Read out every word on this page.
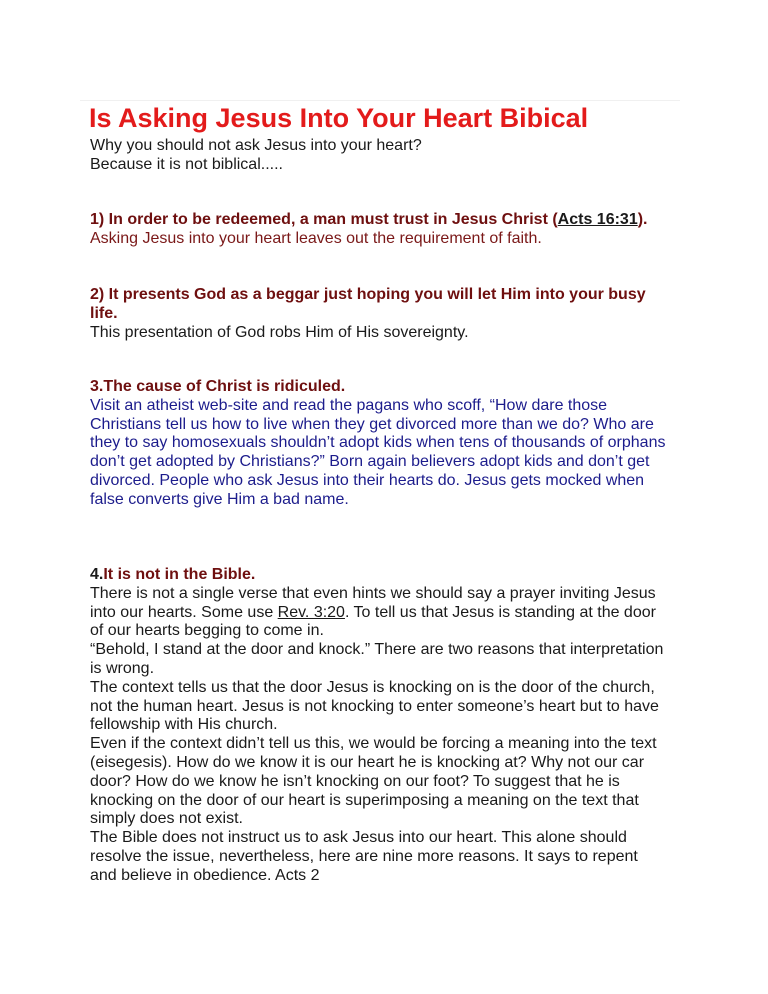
Is Asking Jesus Into Your Heart Bibical
Why you should not ask Jesus into your heart?
Because it is not biblical.....
1) In order to be redeemed, a man must trust in Jesus Christ (Acts 16:31).
Asking Jesus into your heart leaves out the requirement of faith.
2) It presents God as a beggar just hoping you will let Him into your busy
life.
This presentation of God robs Him of His sovereignty.
3.The cause of Christ is ridiculed.
Visit an atheist web-site and read the pagans who scoff, “How dare those
Christians tell us how to live when they get divorced more than we do? Who are
they to say homosexuals shouldn’t adopt kids when tens of thousands of orphans
don’t get adopted by Christians?” Born again believers adopt kids and don’t get
divorced. People who ask Jesus into their hearts do. Jesus gets mocked when
false converts give Him a bad name.
4.It is not in the Bible.
There is not a single verse that even hints we should say a prayer inviting Jesus
into our hearts. Some use Rev. 3:20. To tell us that Jesus is standing at the door
of our hearts begging to come in.
“Behold, I stand at the door and knock.” There are two reasons that interpretation
is wrong.
The context tells us that the door Jesus is knocking on is the door of the church,
not the human heart. Jesus is not knocking to enter someone’s heart but to have
fellowship with His church.
Even if the context didn’t tell us this, we would be forcing a meaning into the text
(eisegesis). How do we know it is our heart he is knocking at? Why not our car
door? How do we know he isn’t knocking on our foot? To suggest that he is
knocking on the door of our heart is superimposing a meaning on the text that
simply does not exist.
The Bible does not instruct us to ask Jesus into our heart. This alone should
resolve the issue, nevertheless, here are nine more reasons. It says to repent
and believe in obedience. Acts 2
